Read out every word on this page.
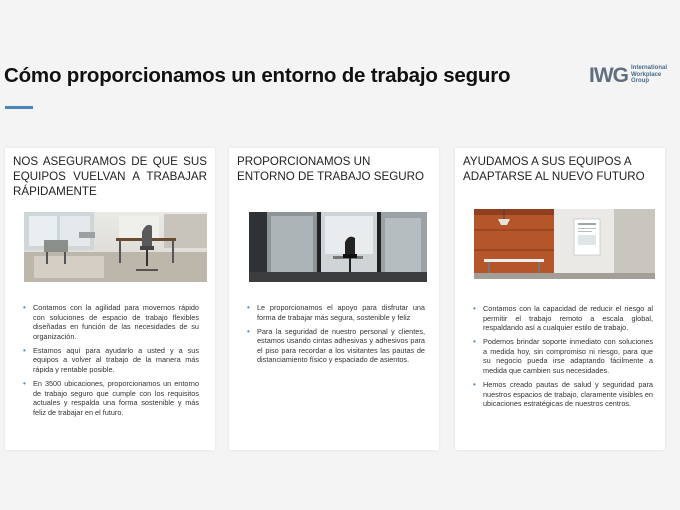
Cómo proporcionamos un entorno de trabajo seguro	IWG International
Workplace
Group
NOS ASEGURAMOS DE QUE SUS EQUIPOS VUELVAN A TRABAJAR RÁPIDAMENTE
• Contamos con la agilidad para movernos rápido con soluciones de espacio de trabajo flexibles diseñadas en función de las necesidades de su organización.
• Estamos aquí para ayudarlo a usted y a sus equipos a volver al trabajo de la manera más rápida y rentable posible.
• En 3500 ubicaciones, proporcionamos un entorno de trabajo seguro que cumple con los requisitos actuales y respalda una forma sostenible y más feliz de trabajar en el futuro.
PROPORCIONAMOS UN ENTORNO DE TRABAJO SEGURO
• Le proporcionamos el apoyo para disfrutar una forma de trabajar más segura, sostenible y feliz
• Para la seguridad de nuestro personal y clientes, estamos usando cintas adhesivas y adhesivos para el piso para recordar a los visitantes las pautas de distanciamiento físico y espaciado de asientos.
AYUDAMOS A SUS EQUIPOS A ADAPTARSE AL NUEVO FUTURO
• Contamos con la capacidad de reducir el riesgo al permitir el trabajo remoto a escala global, respaldando así a cualquier estilo de trabajo.
• Podemos brindar soporte inmediato con soluciones a medida hoy, sin compromiso ni riesgo, para que su negocio pueda irse adaptando fácilmente a medida que cambien sus necesidades.
• Hemos creado pautas de salud y seguridad para nuestros espacios de trabajo, claramente visibles en ubicaciones estratégicas de nuestros centros.
